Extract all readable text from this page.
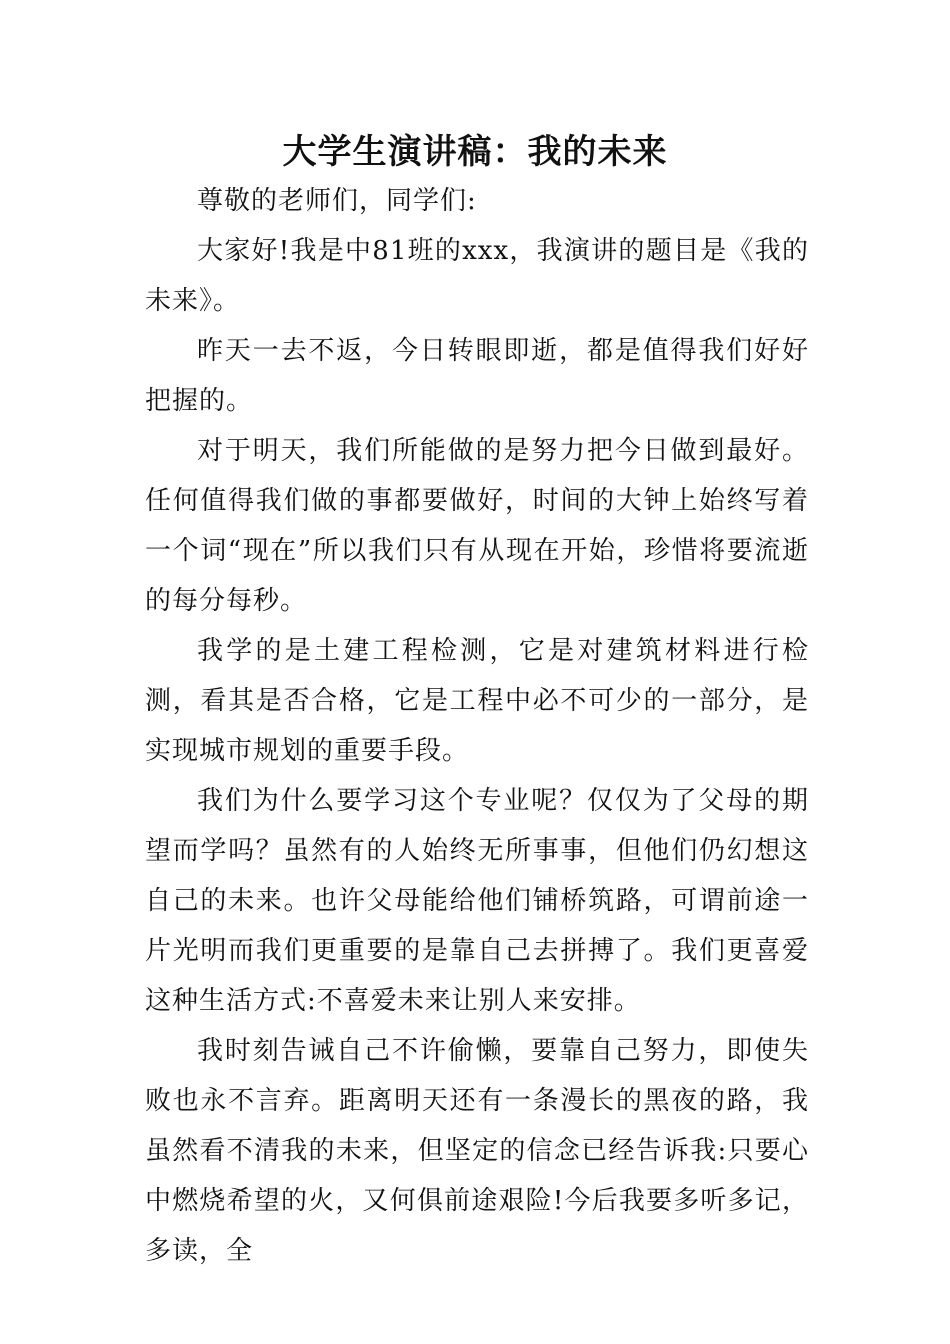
大学生演讲稿：我的未来

尊敬的老师们，同学们:

大家好!我是中81班的xxx，我演讲的题目是《我的未来》。

昨天一去不返，今日转眼即逝，都是值得我们好好把握的。

对于明天，我们所能做的是努力把今日做到最好。任何值得我们做的事都要做好，时间的大钟上始终写着一个词“现在”所以我们只有从现在开始，珍惜将要流逝的每分每秒。

我学的是土建工程检测，它是对建筑材料进行检测，看其是否合格，它是工程中必不可少的一部分，是实现城市规划的重要手段。

我们为什么要学习这个专业呢？仅仅为了父母的期望而学吗？虽然有的人始终无所事事，但他们仍幻想这自己的未来。也许父母能给他们铺桥筑路，可谓前途一片光明而我们更重要的是靠自己去拼搏了。我们更喜爱这种生活方式:不喜爱未来让别人来安排。

我时刻告诫自己不许偷懒，要靠自己努力，即使失败也永不言弃。距离明天还有一条漫长的黑夜的路，我虽然看不清我的未来，但坚定的信念已经告诉我:只要心中燃烧希望的火，又何俱前途艰险!今后我要多听多记，多读，全
